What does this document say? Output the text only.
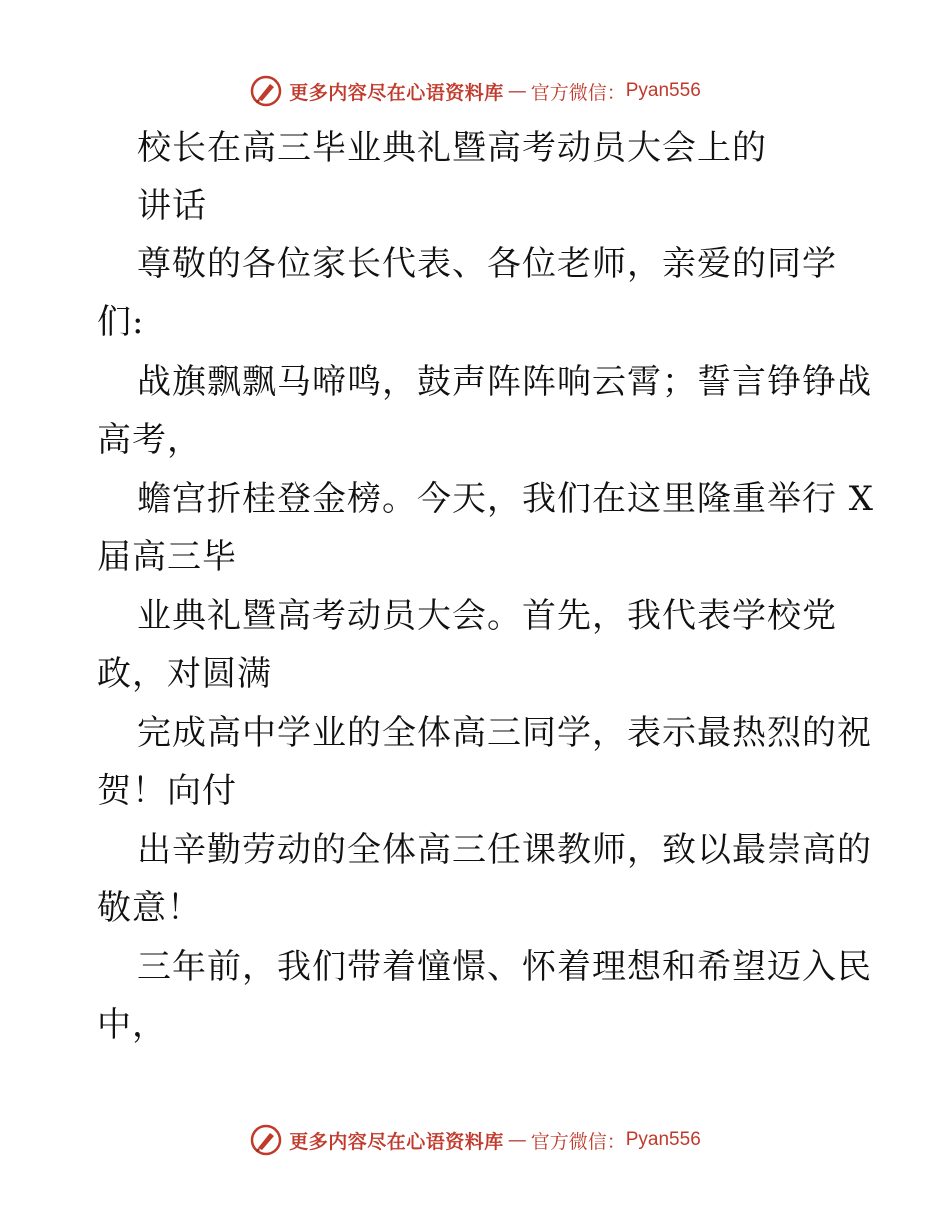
更多内容尽在心语资料库 — 官方微信： Pyan556
校长在高三毕业典礼暨高考动员大会上的
讲话
尊敬的各位家长代表、各位老师，亲爱的同学
们:
战旗飘飘马啼鸣，鼓声阵阵响云霄；誓言铮铮战
高考，
蟾宫折桂登金榜。今天，我们在这里隆重举行 X
届高三毕
业典礼暨高考动员大会。首先，我代表学校党
政，对圆满
完成高中学业的全体高三同学，表示最热烈的祝
贺！向付
出辛勤劳动的全体高三任课教师，致以最崇高的
敬意！
三年前，我们带着憧憬、怀着理想和希望迈入民
中，
更多内容尽在心语资料库 — 官方微信： Pyan556
